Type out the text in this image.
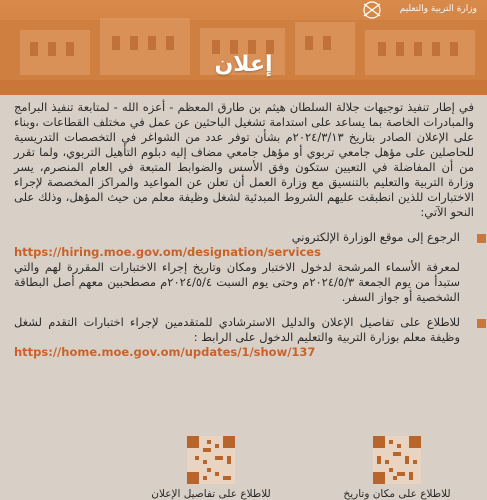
وزارة التربية والتعليم
إعلان

في إطار تنفيذ توجيهات جلالة السلطان هيثم بن طارق المعظم - أعزه الله - لمتابعة تنفيذ البرامج والمبادرات الخاصة بما يساعد على استدامة تشغيل الباحثين عن عمل في مختلف القطاعات ،وبناء على الإعلان الصادر بتاريخ ٢٠٢٤/٣/١٣م بشأن توفر عدد من الشواغر في التخصصات التدريسية للحاصلين على مؤهل جامعي تربوي أو مؤهل جامعي مضاف إليه دبلوم التأهيل التربوي، ولما تقرر من أن المفاضلة في التعيين ستكون وفق الأسس والضوابط المتبعة في العام المنصرم، يسر وزارة التربية والتعليم بالتنسيق مع وزارة العمل أن تعلن عن المواعيد والمراكز المخصصة لإجراء الاختبارات للذين انطبقت عليهم الشروط المبدئية لشغل وظيفة معلم من حيث المؤهل، وذلك على النحو الآتي:

الرجوع إلى موقع الوزارة الإلكتروني
https://hiring.moe.gov.om/designation/services
لمعرفة الأسماء المرشحة لدخول الاختبار ومكان وتاريخ إجراء الاختبارات المقررة لهم والتي ستبدأ من يوم الجمعة ٢٠٢٤/٥/٣م وحتى يوم السبت ٢٠٢٤/٥/٤م مصطحبين معهم أصل البطاقة الشخصية أو جواز السفر.
للاطلاع على تفاصيل الإعلان والدليل الاسترشادي للمتقدمين لإجراء اختبارات التقدم لشغل وظيفة معلم بوزارة التربية والتعليم الدخول على الرابط :
https://home.moe.gov.om/updates/1/show/137
للاطلاع على مكان وتاريخ
للاطلاع على تفاصيل الإعلان
